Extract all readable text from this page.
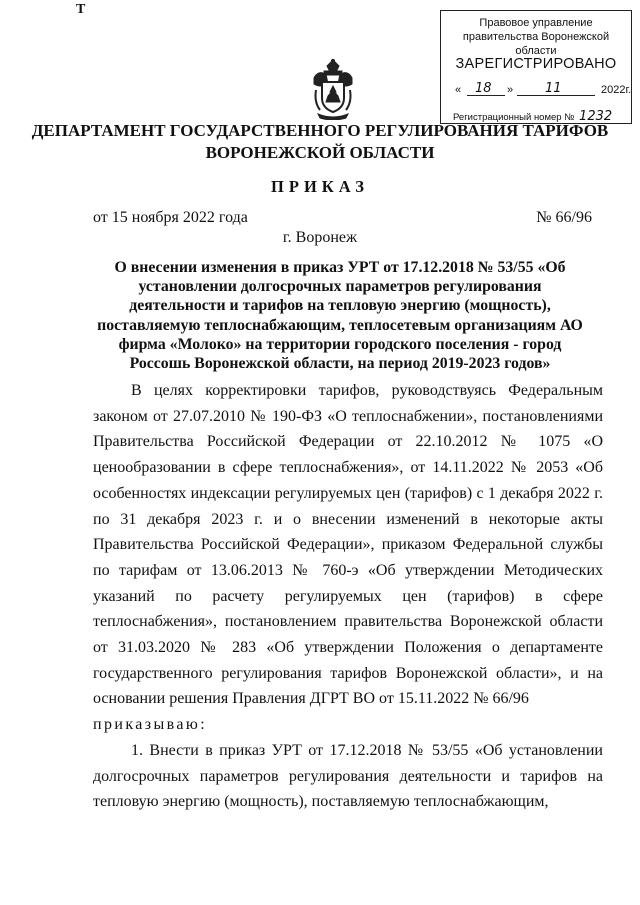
Т
Правовое управление правительства Воронежской области
ЗАРЕГИСТРИРОВАНО
« 18 » 11	2022г.
Регистрационный номер № 1232
ДЕПАРТАМЕНТ ГОСУДАРСТВЕННОГО РЕГУЛИРОВАНИЯ ТАРИФОВ ВОРОНЕЖСКОЙ ОБЛАСТИ
ПРИКАЗ
от 15 ноября 2022 года	№ 66/96
г. Воронеж
О внесении изменения в приказ УРТ от 17.12.2018 № 53/55 «Об установлении долгосрочных параметров регулирования деятельности и тарифов на тепловую энергию (мощность), поставляемую теплоснабжающим, теплосетевым организациям АО фирма «Молоко» на территории городского поселения - город Россошь Воронежской области, на период 2019-2023 годов»

В целях корректировки тарифов, руководствуясь Федеральным законом от 27.07.2010 № 190-ФЗ «О теплоснабжении», постановлениями Правительства Российской Федерации от 22.10.2012 № 1075 «О ценообразовании в сфере теплоснабжения», от 14.11.2022 № 2053 «Об особенностях индексации регулируемых цен (тарифов) с 1 декабря 2022 г. по 31 декабря 2023 г. и о внесении изменений в некоторые акты Правительства Российской Федерации», приказом Федеральной службы по тарифам от 13.06.2013 № 760-э «Об утверждении Методических указаний по расчету регулируемых цен (тарифов) в сфере теплоснабжения», постановлением правительства Воронежской области от 31.03.2020 № 283 «Об утверждении Положения о департаменте государственного регулирования тарифов Воронежской области», и на основании решения Правления ДГРТ ВО от 15.11.2022 № 66/96

приказываю:

1. Внести в приказ УРТ от 17.12.2018 № 53/55 «Об установлении долгосрочных параметров регулирования деятельности и тарифов на тепловую энергию (мощность), поставляемую теплоснабжающим,
